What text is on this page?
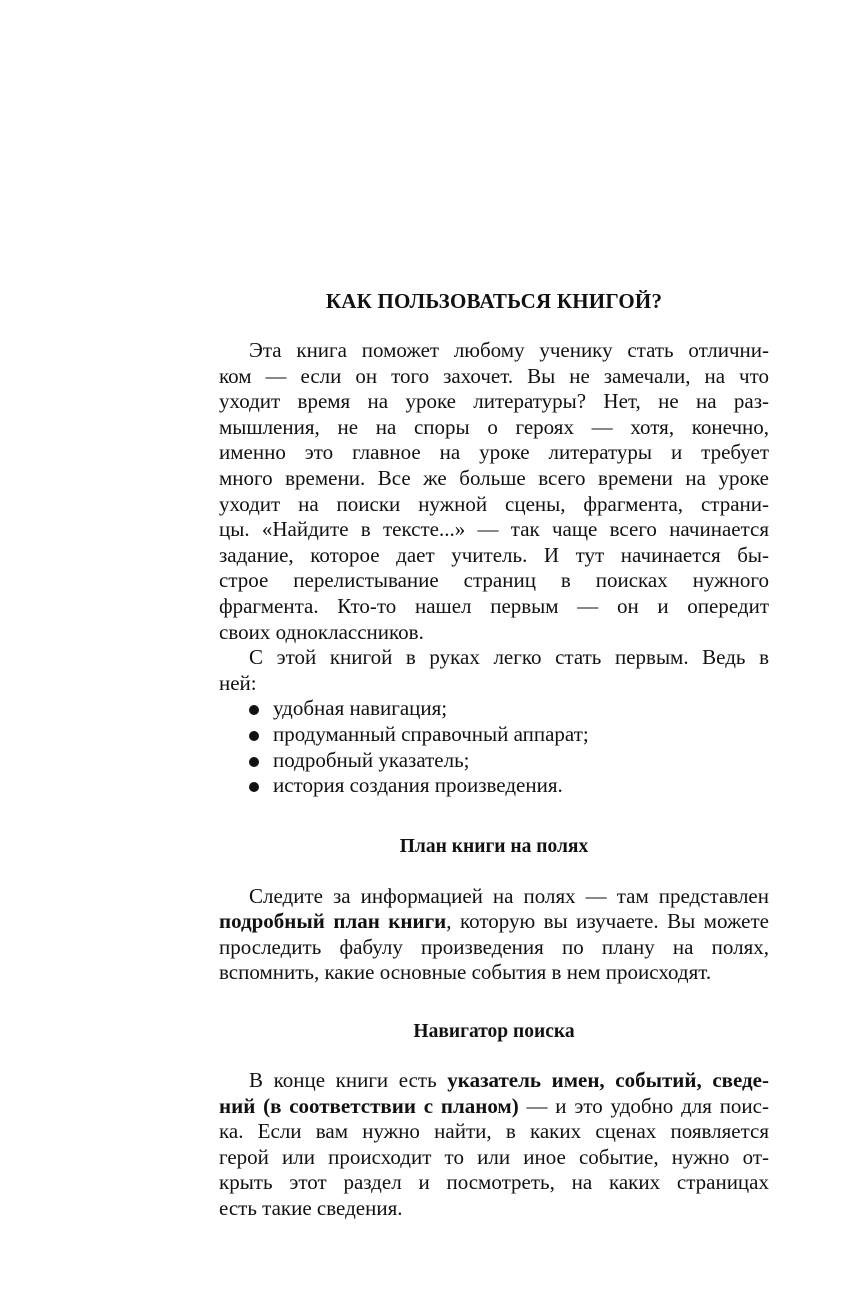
КАК ПОЛЬЗОВАТЬСЯ КНИГОЙ?

Эта книга поможет любому ученику стать отлични-
ком — если он того захочет. Вы не замечали, на что
уходит время на уроке литературы? Нет, не на раз-
мышления, не на споры о героях — хотя, конечно,
именно это главное на уроке литературы и требует
много времени. Все же больше всего времени на уроке
уходит на поиски нужной сцены, фрагмента, страни-
цы. «Найдите в тексте...» — так чаще всего начинается
задание, которое дает учитель. И тут начинается бы-
строе перелистывание страниц в поисках нужного
фрагмента. Кто-то нашел первым — он и опередит
своих одноклассников.

С этой книгой в руках легко стать первым. Ведь в
ней:

удобная навигация;
продуманный справочный аппарат;
подробный указатель;
история создания произведения.
План книги на полях

Следите за информацией на полях — там представлен
подробный план книги, которую вы изучаете. Вы можете
проследить фабулу произведения по плану на полях,
вспомнить, какие основные события в нем происходят.

Навигатор поиска

В конце книги есть указатель имен, событий, сведе-
ний (в соответствии с планом) — и это удобно для поис-
ка. Если вам нужно найти, в каких сценах появляется
герой или происходит то или иное событие, нужно от-
крыть этот раздел и посмотреть, на каких страницах
есть такие сведения.
